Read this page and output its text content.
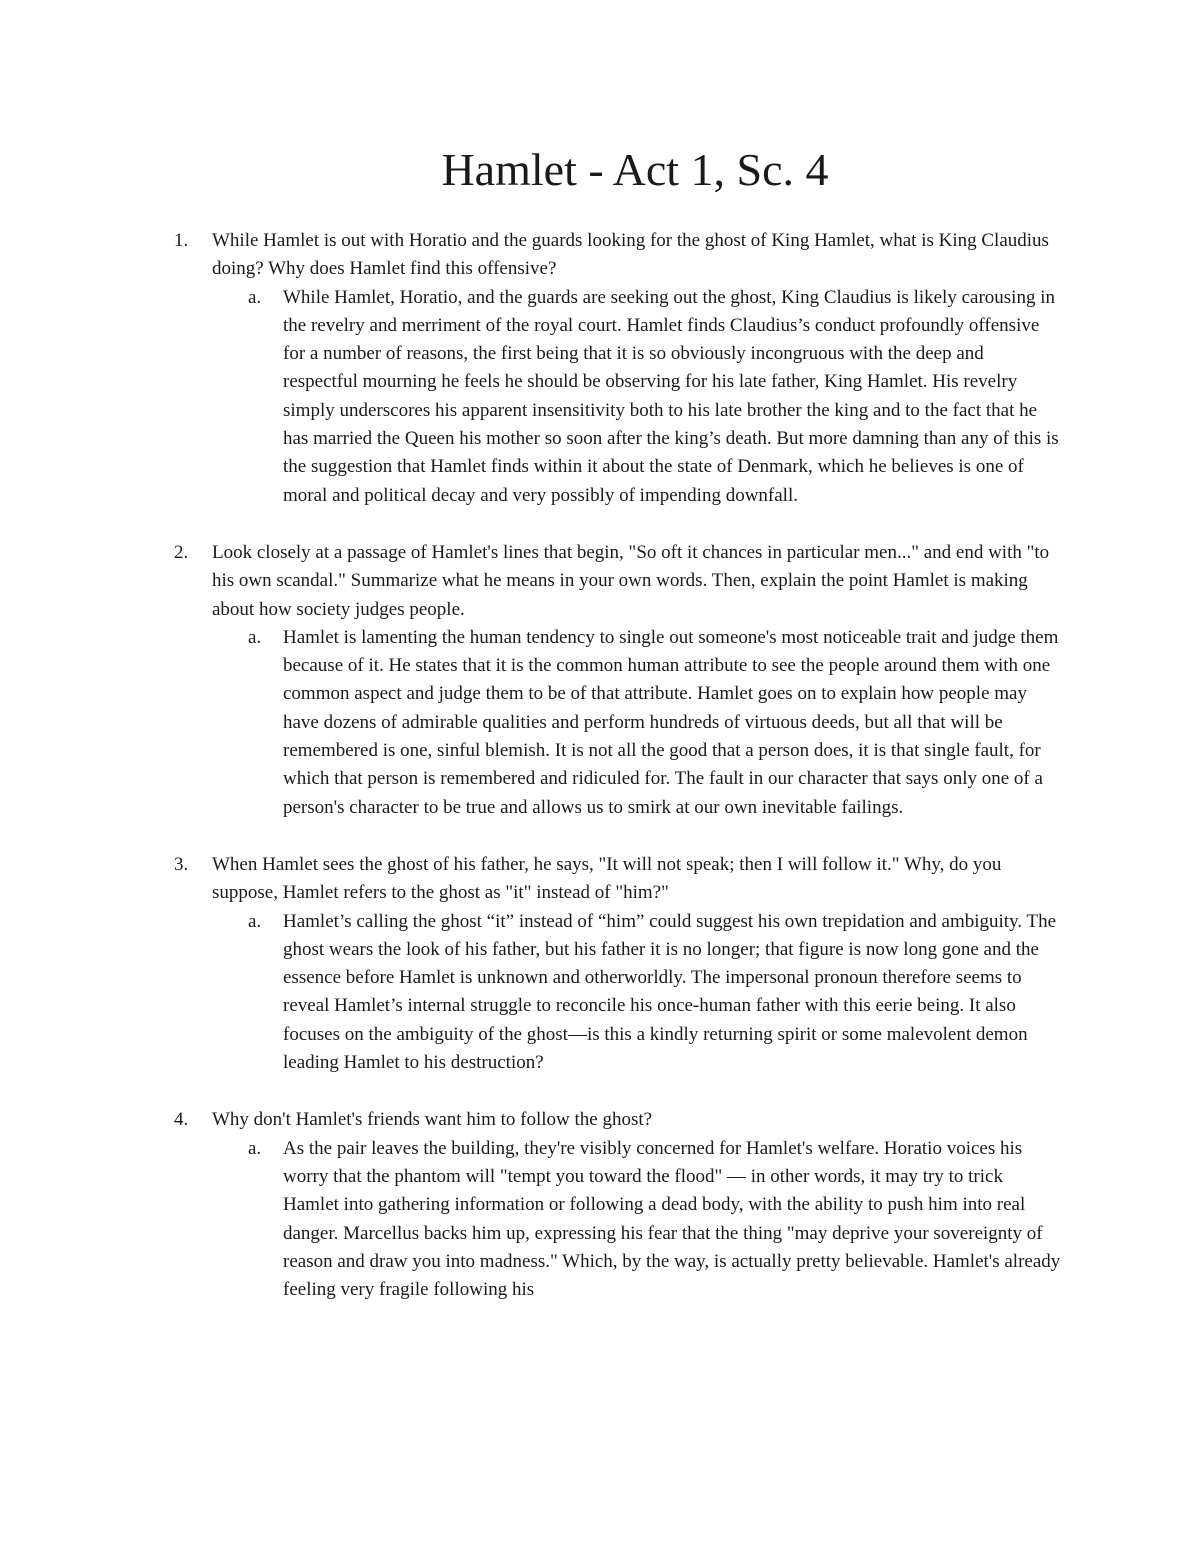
Hamlet - Act 1, Sc. 4
1. While Hamlet is out with Horatio and the guards looking for the ghost of King Hamlet, what is King Claudius doing? Why does Hamlet find this offensive?
a. While Hamlet, Horatio, and the guards are seeking out the ghost, King Claudius is likely carousing in the revelry and merriment of the royal court. Hamlet finds Claudius’s conduct profoundly offensive for a number of reasons, the first being that it is so obviously incongruous with the deep and respectful mourning he feels he should be observing for his late father, King Hamlet. His revelry simply underscores his apparent insensitivity both to his late brother the king and to the fact that he has married the Queen his mother so soon after the king’s death. But more damning than any of this is the suggestion that Hamlet finds within it about the state of Denmark, which he believes is one of moral and political decay and very possibly of impending downfall.
2. Look closely at a passage of Hamlet's lines that begin, "So oft it chances in particular men..." and end with "to his own scandal." Summarize what he means in your own words. Then, explain the point Hamlet is making about how society judges people.
a. Hamlet is lamenting the human tendency to single out someone's most noticeable trait and judge them because of it. He states that it is the common human attribute to see the people around them with one common aspect and judge them to be of that attribute. Hamlet goes on to explain how people may have dozens of admirable qualities and perform hundreds of virtuous deeds, but all that will be remembered is one, sinful blemish. It is not all the good that a person does, it is that single fault, for which that person is remembered and ridiculed for. The fault in our character that says only one of a person's character to be true and allows us to smirk at our own inevitable failings.
3. When Hamlet sees the ghost of his father, he says, "It will not speak; then I will follow it." Why, do you suppose, Hamlet refers to the ghost as "it" instead of "him?"
a. Hamlet’s calling the ghost “it” instead of “him” could suggest his own trepidation and ambiguity. The ghost wears the look of his father, but his father it is no longer; that figure is now long gone and the essence before Hamlet is unknown and otherworldly. The impersonal pronoun therefore seems to reveal Hamlet’s internal struggle to reconcile his once-human father with this eerie being. It also focuses on the ambiguity of the ghost—is this a kindly returning spirit or some malevolent demon leading Hamlet to his destruction?
4. Why don't Hamlet's friends want him to follow the ghost?
a. As the pair leaves the building, they're visibly concerned for Hamlet's welfare. Horatio voices his worry that the phantom will "tempt you toward the flood" — in other words, it may try to trick Hamlet into gathering information or following a dead body, with the ability to push him into real danger. Marcellus backs him up, expressing his fear that the thing "may deprive your sovereignty of reason and draw you into madness." Which, by the way, is actually pretty believable. Hamlet's already feeling very fragile following his
